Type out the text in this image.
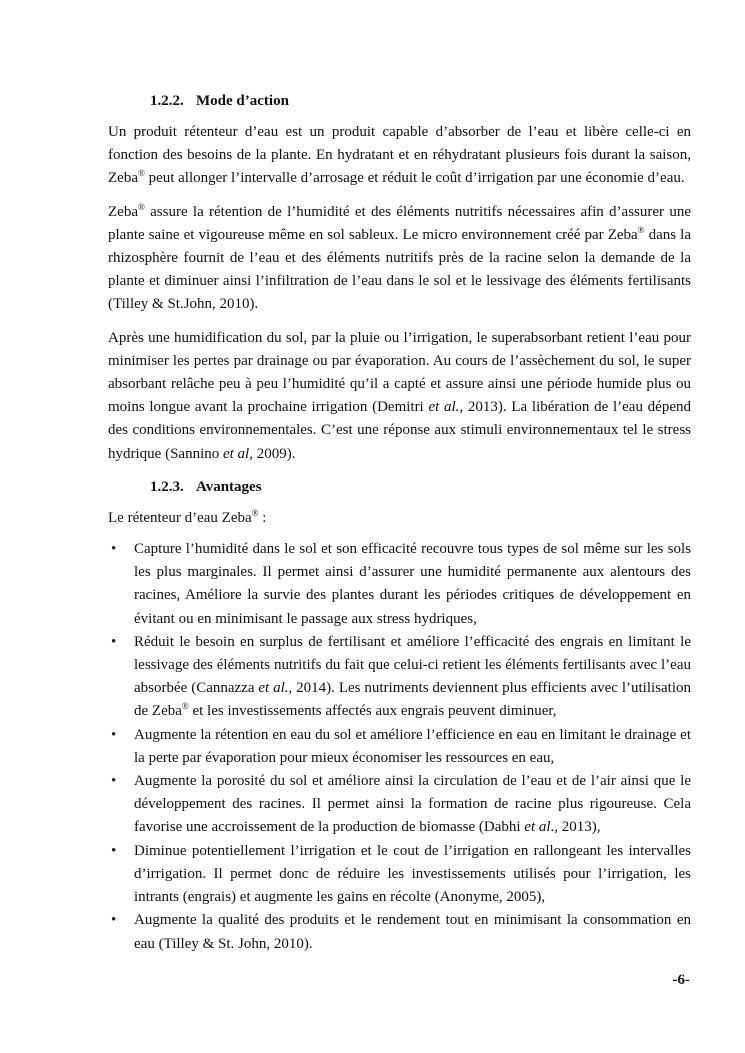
1.2.2. Mode d’action

Un produit rétenteur d’eau est un produit capable d’absorber de l’eau et libère celle-ci en fonction des besoins de la plante. En hydratant et en réhydratant plusieurs fois durant la saison, Zeba® peut allonger l’intervalle d’arrosage et réduit le coût d’irrigation par une économie d’eau.

Zeba® assure la rétention de l’humidité et des éléments nutritifs nécessaires afin d’assurer une plante saine et vigoureuse même en sol sableux. Le micro environnement créé par Zeba® dans la rhizosphère fournit de l’eau et des éléments nutritifs près de la racine selon la demande de la plante et diminuer ainsi l’infiltration de l’eau dans le sol et le lessivage des éléments fertilisants (Tilley & St.John, 2010).

Après une humidification du sol, par la pluie ou l’irrigation, le superabsorbant retient l’eau pour minimiser les pertes par drainage ou par évaporation. Au cours de l’assèchement du sol, le super absorbant relâche peu à peu l’humidité qu’il a capté et assure ainsi une période humide plus ou moins longue avant la prochaine irrigation (Demitri et al., 2013). La libération de l’eau dépend des conditions environnementales. C’est une réponse aux stimuli environnementaux tel le stress hydrique (Sannino et al, 2009).

1.2.3. Avantages

Le rétenteur d’eau Zeba® :

• Capture l’humidité dans le sol et son efficacité recouvre tous types de sol même sur les sols les plus marginales. Il permet ainsi d’assurer une humidité permanente aux alentours des racines, Améliore la survie des plantes durant les périodes critiques de développement en évitant ou en minimisant le passage aux stress hydriques,
• Réduit le besoin en surplus de fertilisant et améliore l’efficacité des engrais en limitant le lessivage des éléments nutritifs du fait que celui-ci retient les éléments fertilisants avec l’eau absorbée (Cannazza et al., 2014). Les nutriments deviennent plus efficients avec l’utilisation de Zeba® et les investissements affectés aux engrais peuvent diminuer,
• Augmente la rétention en eau du sol et améliore l’efficience en eau en limitant le drainage et la perte par évaporation pour mieux économiser les ressources en eau,
• Augmente la porosité du sol et améliore ainsi la circulation de l’eau et de l’air ainsi que le développement des racines. Il permet ainsi la formation de racine plus rigoureuse. Cela favorise une accroissement de la production de biomasse (Dabhi et al., 2013),
• Diminue potentiellement l’irrigation et le cout de l’irrigation en rallongeant les intervalles d’irrigation. Il permet donc de réduire les investissements utilisés pour l’irrigation, les intrants (engrais) et augmente les gains en récolte (Anonyme, 2005),
• Augmente la qualité des produits et le rendement tout en minimisant la consommation en eau (Tilley & St. John, 2010).
-6-
